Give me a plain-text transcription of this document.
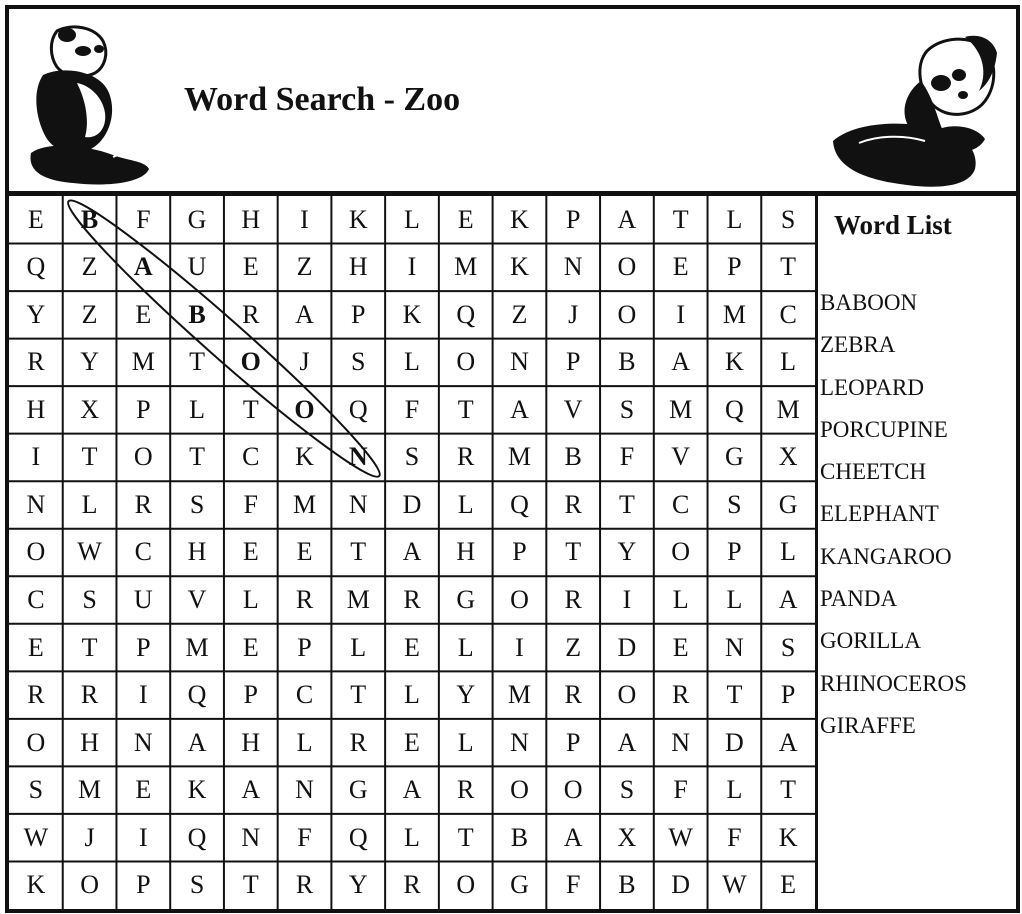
Word Search - Zoo
E	B	F	G	H	I	K	L	E	K	P	A	T	L	S
Q	Z	A	U	E	Z	H	I	M	K	N	O	E	P	T
Y	Z	E	B	R	A	P	K	Q	Z	J	O	I	M	C
R	Y	M	T	O	J	S	L	O	N	P	B	A	K	L
H	X	P	L	T	O	Q	F	T	A	V	S	M	Q	M
I	T	O	T	C	K	N	S	R	M	B	F	V	G	X
N	L	R	S	F	M	N	D	L	Q	R	T	C	S	G
O	W	C	H	E	E	T	A	H	P	T	Y	O	P	L
C	S	U	V	L	R	M	R	G	O	R	I	L	L	A
E	T	P	M	E	P	L	E	L	I	Z	D	E	N	S
R	R	I	Q	P	C	T	L	Y	M	R	O	R	T	P
O	H	N	A	H	L	R	E	L	N	P	A	N	D	A
S	M	E	K	A	N	G	A	R	O	O	S	F	L	T
W	J	I	Q	N	F	Q	L	T	B	A	X	W	F	K
K	O	P	S	T	R	Y	R	O	G	F	B	D	W	E
Word List
BABOON
ZEBRA
LEOPARD
PORCUPINE
CHEETCH
ELEPHANT
KANGAROO
PANDA
GORILLA
RHINOCEROS
GIRAFFE
